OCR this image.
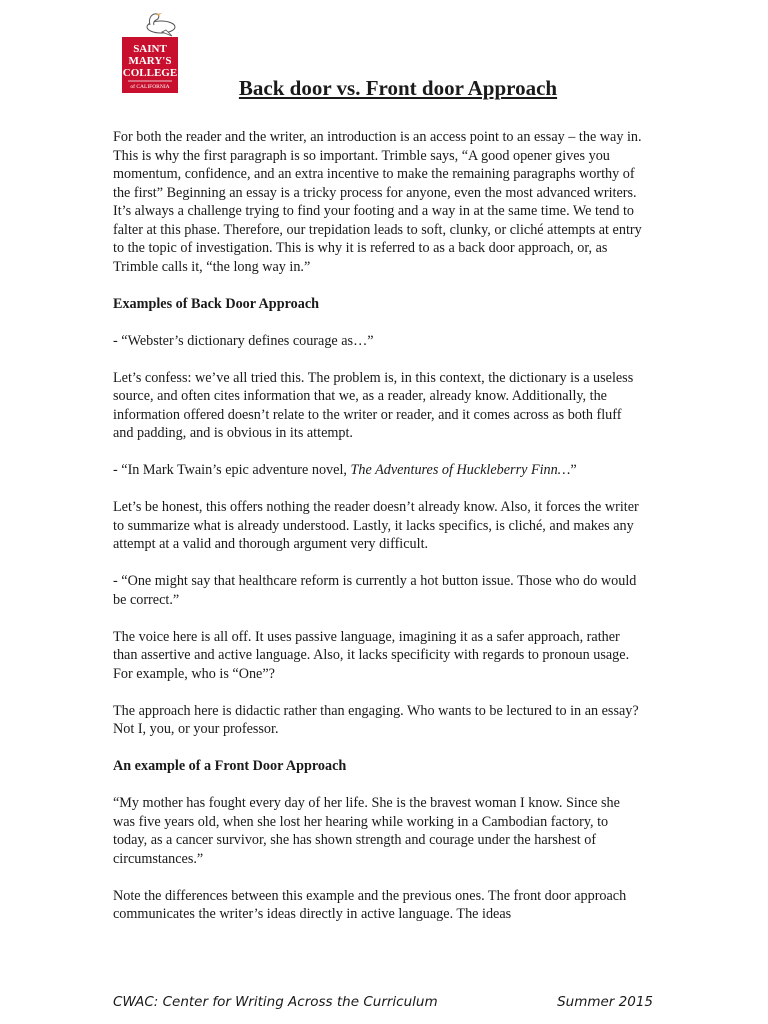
SAINT
MARY'S
COLLEGE
of CALIFORNIA	Back door vs. Front door Approach

For both the reader and the writer, an introduction is an access point to an essay – the way in. This is why the first paragraph is so important. Trimble says, “A good opener gives you momentum, confidence, and an extra incentive to make the remaining paragraphs worthy of the first” Beginning an essay is a tricky process for anyone, even the most advanced writers. It’s always a challenge trying to find your footing and a way in at the same time. We tend to falter at this phase. Therefore, our trepidation leads to soft, clunky, or cliché attempts at entry to the topic of investigation. This is why it is referred to as a back door approach, or, as Trimble calls it, “the long way in.”

Examples of Back Door Approach

- “Webster’s dictionary defines courage as…”

Let’s confess: we’ve all tried this. The problem is, in this context, the dictionary is a useless source, and often cites information that we, as a reader, already know. Additionally, the information offered doesn’t relate to the writer or reader, and it comes across as both fluff and padding, and is obvious in its attempt.

- “In Mark Twain’s epic adventure novel, The Adventures of Huckleberry Finn…”

Let’s be honest, this offers nothing the reader doesn’t already know. Also, it forces the writer to summarize what is already understood. Lastly, it lacks specifics, is cliché, and makes any attempt at a valid and thorough argument very difficult.

- “One might say that healthcare reform is currently a hot button issue. Those who do would be correct.”

The voice here is all off. It uses passive language, imagining it as a safer approach, rather than assertive and active language. Also, it lacks specificity with regards to pronoun usage. For example, who is “One”?

The approach here is didactic rather than engaging. Who wants to be lectured to in an essay? Not I, you, or your professor.

An example of a Front Door Approach

“My mother has fought every day of her life. She is the bravest woman I know. Since she was five years old, when she lost her hearing while working in a Cambodian factory, to today, as a cancer survivor, she has shown strength and courage under the harshest of circumstances.”

Note the differences between this example and the previous ones. The front door approach communicates the writer’s ideas directly in active language. The ideas

CWAC: Center for Writing Across the Curriculum	Summer 2015
